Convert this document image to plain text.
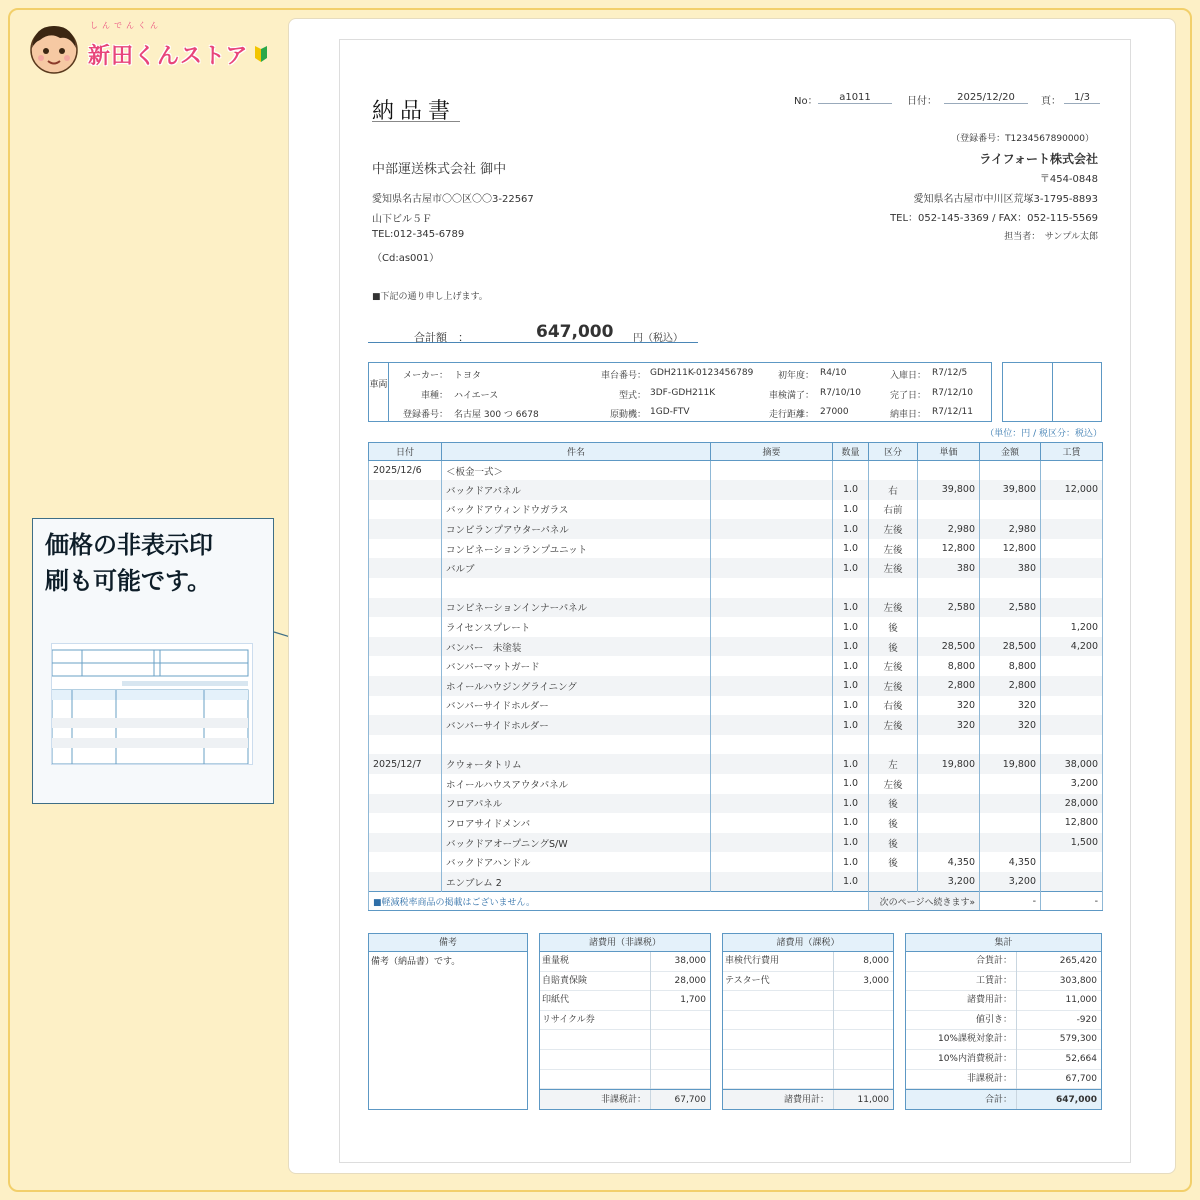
しんでんくん
新田くんストア
価格の非表示印
刷も可能です。
納品書	No：	a1011	日付：	2025/12/20	頁：	1/3
（登録番号：T1234567890000）
中部運送株式会社 御中
愛知県名古屋市〇〇区〇〇3-22567
山下ビル５Ｆ
TEL:012-345-6789
（Cd:as001）
ライフォート株式会社
〒454-0848
愛知県名古屋市中川区荒塚3-1795-8893
TEL：052-145-3369 / FAX：052-115-5569
担当者：　サンプル太郎
■下記の通り申し上げます。
合計額　：	647,000 円（税込）
車両
メーカー： トヨタ	車台番号： GDH211K-0123456789	初年度： R4/10	入庫日： R7/12/5
車種： ハイエース	型式： 3DF-GDH211K	車検満了： R7/10/10	完了日： R7/12/10
登録番号： 名古屋 300 つ 6678	原動機： 1GD-FTV	走行距離： 27000	納車日： R7/12/11
（単位：円 / 税区分：税込）
日付	件名	摘要	数量	区分	単価	金額	工賃
2025/12/6	＜板金一式＞						
	バックドアパネル		1.0	右	39,800	39,800	12,000
	バックドアウィンドウガラス		1.0	右前			
	コンビランプアウターパネル		1.0	左後	2,980	2,980	
	コンビネーションランプユニット		1.0	左後	12,800	12,800	
	バルブ		1.0	左後	380	380	

	コンビネーションインナーパネル		1.0	左後	2,580	2,580	
	ライセンスプレート		1.0	後			1,200
	バンパー　未塗装		1.0	後	28,500	28,500	4,200
	バンパーマットガード		1.0	左後	8,800	8,800	
	ホイールハウジングライニング		1.0	左後	2,800	2,800	
	バンパーサイドホルダー		1.0	右後	320	320	
	バンパーサイドホルダー		1.0	左後	320	320	

2025/12/7	クウォータトリム		1.0	左	19,800	19,800	38,000
	ホイールハウスアウタパネル		1.0	左後			3,200
	フロアパネル		1.0	後			28,000
	フロアサイドメンバ		1.0	後			12,800
	バックドアオープニングS/W		1.0	後			1,500
	バックドアハンドル		1.0	後	4,350	4,350	
	エンブレム 2		1.0		3,200	3,200	
■軽減税率商品の掲載はございません。				次のページへ続きます»		-	-
備考
備考（納品書）です。
諸費用（非課税）
重量税	38,000
自賠責保険	28,000
印紙代	1,700
リサイクル券
非課税計：	67,700
諸費用（課税）
車検代行費用	8,000
テスター代	3,000
諸費用計：	11,000
集計
合貨計：	265,420
工賃計：	303,800
諸費用計：	11,000
値引き：	-920
10%課税対象計：	579,300
10%内消費税計：	52,664
非課税計：	67,700
合計：	647,000
